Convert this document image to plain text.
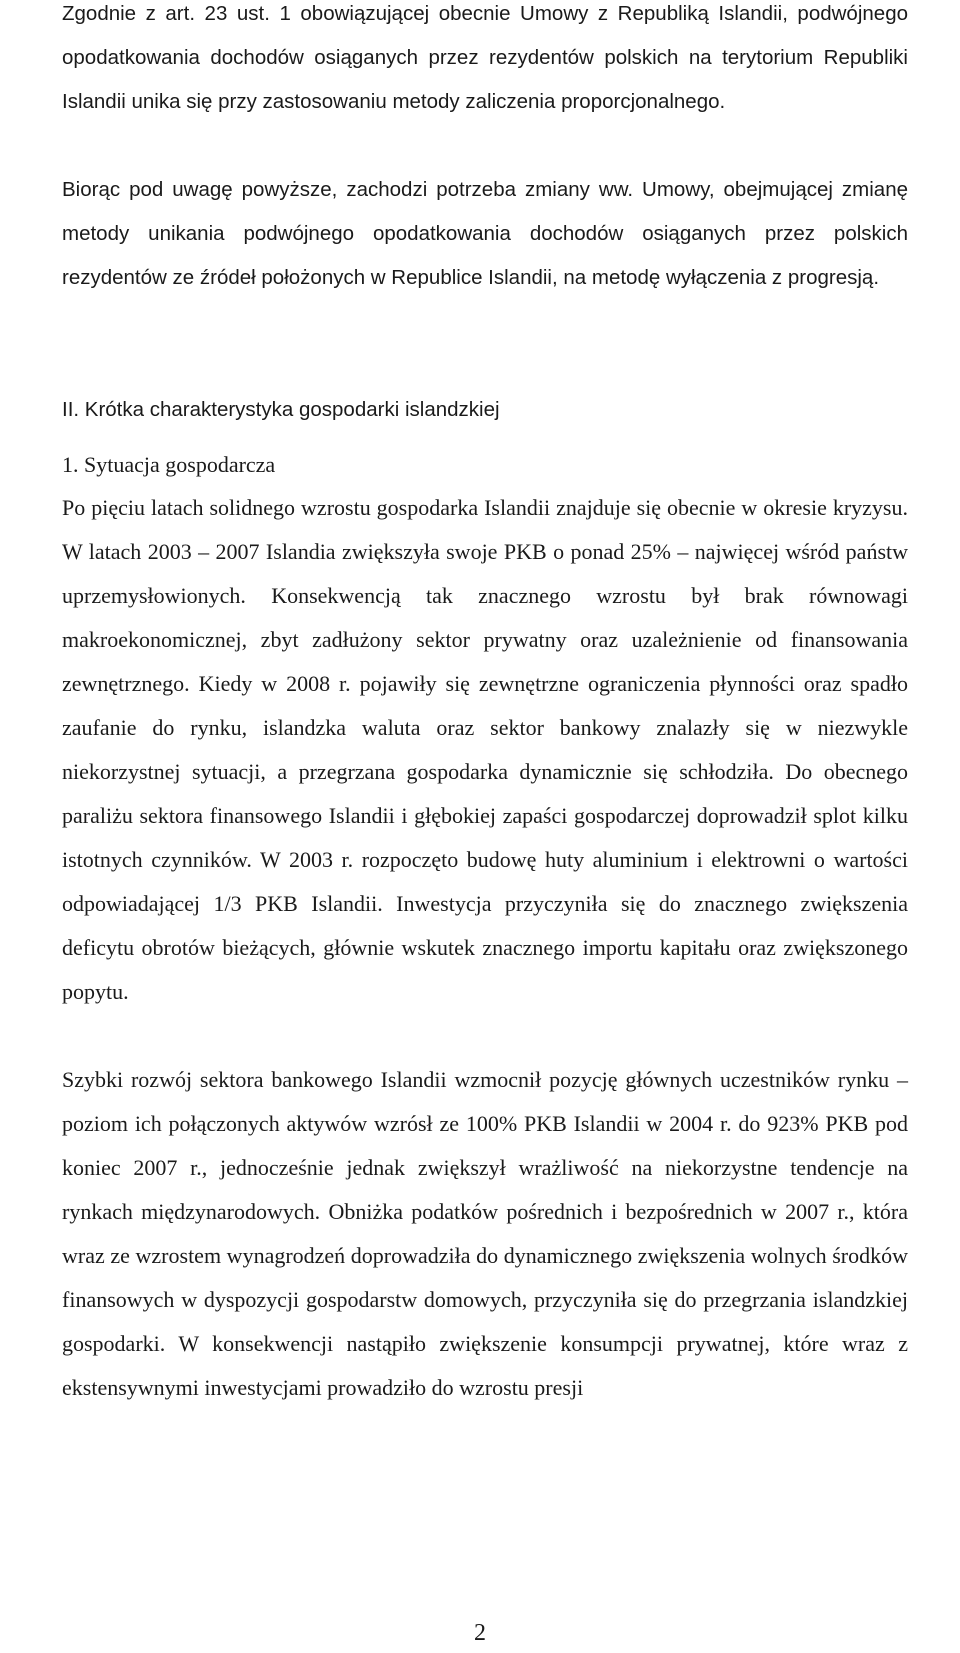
Zgodnie z art. 23 ust. 1 obowiązującej obecnie Umowy z Republiką Islandii, podwójnego opodatkowania dochodów osiąganych przez rezydentów polskich na terytorium Republiki Islandii unika się przy zastosowaniu metody zaliczenia proporcjonalnego.
Biorąc pod uwagę powyższe, zachodzi potrzeba zmiany ww. Umowy, obejmującej zmianę metody unikania podwójnego opodatkowania dochodów osiąganych przez polskich rezydentów ze źródeł położonych w Republice Islandii, na metodę wyłączenia z progresją.
II. Krótka charakterystyka gospodarki islandzkiej
1. Sytuacja gospodarcza
Po pięciu latach solidnego wzrostu gospodarka Islandii znajduje się obecnie w okresie kryzysu. W latach 2003 – 2007 Islandia zwiększyła swoje PKB o ponad 25% – najwięcej wśród państw uprzemysłowionych. Konsekwencją tak znacznego wzrostu był brak równowagi makroekonomicznej, zbyt zadłużony sektor prywatny oraz uzależnienie od finansowania zewnętrznego. Kiedy w 2008 r. pojawiły się zewnętrzne ograniczenia płynności oraz spadło zaufanie do rynku, islandzka waluta oraz sektor bankowy znalazły się w niezwykle niekorzystnej sytuacji, a przegrzana gospodarka dynamicznie się schłodziła. Do obecnego paraliżu sektora finansowego Islandii i głębokiej zapaści gospodarczej doprowadził splot kilku istotnych czynników. W 2003 r. rozpoczęto budowę huty aluminium i elektrowni o wartości odpowiadającej 1/3 PKB Islandii. Inwestycja przyczyniła się do znacznego zwiększenia deficytu obrotów bieżących, głównie wskutek znacznego importu kapitału oraz zwiększonego popytu.
Szybki rozwój sektora bankowego Islandii wzmocnił pozycję głównych uczestników rynku – poziom ich połączonych aktywów wzrósł ze 100% PKB Islandii w 2004 r. do 923% PKB pod koniec 2007 r., jednocześnie jednak zwiększył wrażliwość na niekorzystne tendencje na rynkach międzynarodowych. Obniżka podatków pośrednich i bezpośrednich w 2007 r., która wraz ze wzrostem wynagrodzeń doprowadziła do dynamicznego zwiększenia wolnych środków finansowych w dyspozycji gospodarstw domowych, przyczyniła się do przegrzania islandzkiej gospodarki. W konsekwencji nastąpiło zwiększenie konsumpcji prywatnej, które wraz z ekstensywnymi inwestycjami prowadziło do wzrostu presji
2
